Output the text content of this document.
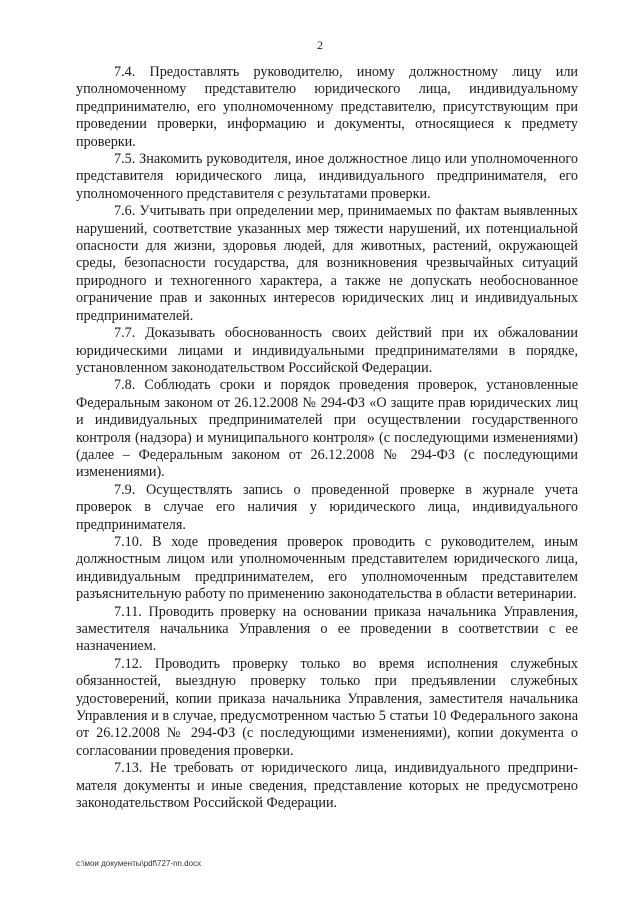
2

7.4. Предоставлять руководителю, иному должностному лицу или уполномоченному представителю юридического лица, индивидуальному предпринимателю, его уполномоченному представителю, присутствующим при проведении проверки, информацию и документы, относящиеся к предмету проверки.

7.5. Знакомить руководителя, иное должностное лицо или уполномоченного представителя юридического лица, индивидуального предпринимателя, его уполномоченного представителя с результатами проверки.

7.6. Учитывать при определении мер, принимаемых по фактам выявленных нарушений, соответствие указанных мер тяжести нарушений, их потенциальной опасности для жизни, здоровья людей, для животных, растений, окружающей среды, безопасности государства, для возникновения чрезвычайных ситуаций природного и техногенного характера, а также не допускать необоснованное ограничение прав и законных интересов юридических лиц и индивидуальных предпринимателей.

7.7. Доказывать обоснованность своих действий при их обжаловании юридическими лицами и индивидуальными предпринимателями в порядке, установленном законодательством Российской Федерации.

7.8. Соблюдать сроки и порядок проведения проверок, установленные Федеральным законом от 26.12.2008 № 294-ФЗ «О защите прав юридических лиц и индивидуальных предпринимателей при осуществлении государственного контроля (надзора) и муниципального контроля» (с последующими изменениями) (далее – Федеральным законом от 26.12.2008 № 294-ФЗ (с последующими изменениями).

7.9. Осуществлять запись о проведенной проверке в журнале учета проверок в случае его наличия у юридического лица, индивидуального предпринимателя.

7.10. В ходе проведения проверок проводить с руководителем, иным должностным лицом или уполномоченным представителем юридического лица, индивидуальным предпринимателем, его уполномоченным представителем разъяснительную работу по применению законодательства в области ветеринарии.

7.11. Проводить проверку на основании приказа начальника Управления, заместителя начальника Управления о ее проведении в соответствии с ее назначением.

7.12. Проводить проверку только во время исполнения служебных обязанностей, выездную проверку только при предъявлении служебных удостоверений, копии приказа начальника Управления, заместителя начальника Управления и в случае, предусмотренном частью 5 статьи 10 Федерального закона от 26.12.2008 № 294-ФЗ (с последующими изменениями), копии документа о согласовании проведения проверки.

7.13. Не требовать от юридического лица, индивидуального предпринимателя документы и иные сведения, представление которых не предусмотрено законодательством Российской Федерации.

c:\мои документы\pdf\727-nn.docx
